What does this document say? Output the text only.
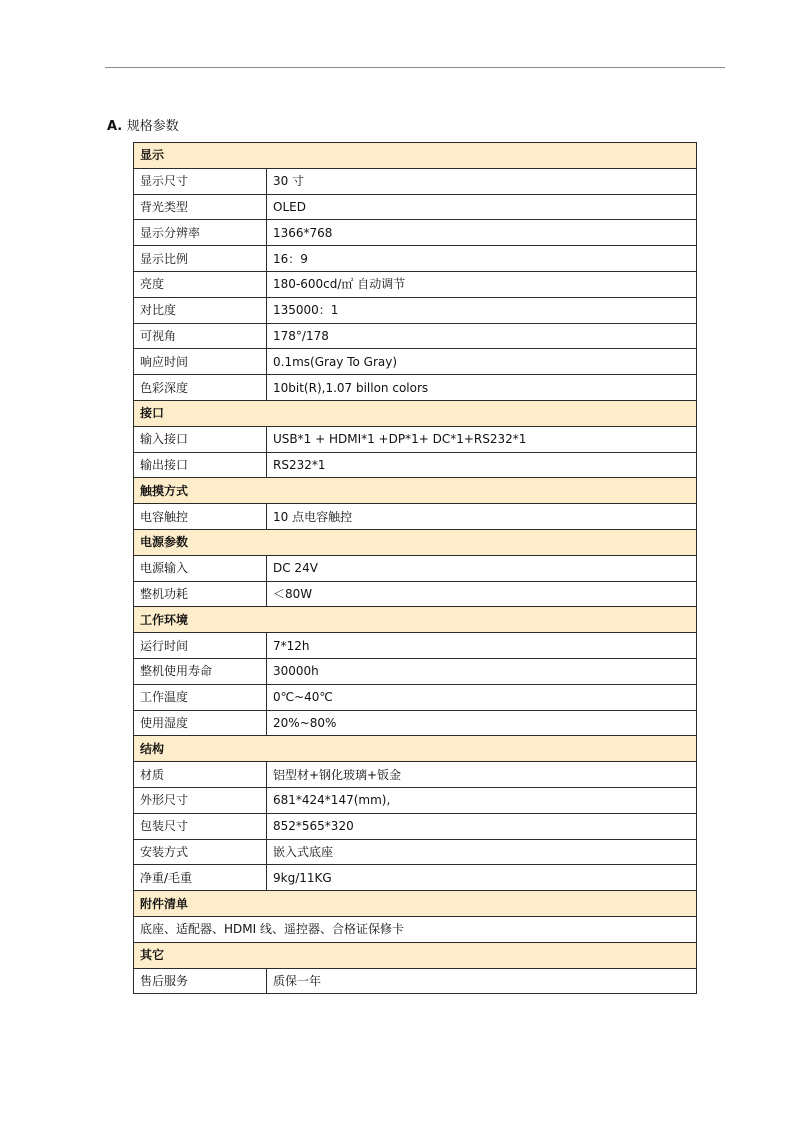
A. 规格参数
显示	
显示尺寸	30 寸
背光类型	OLED
显示分辨率	1366*768
显示比例	16：9
亮度	180-600cd/㎡ 自动调节
对比度	135000：1
可视角	178°/178
响应时间	0.1ms(Gray To Gray)
色彩深度	10bit(R),1.07 billon colors
接口	
输入接口	USB*1 + HDMI*1 +DP*1+ DC*1+RS232*1
输出接口	RS232*1
触摸方式	
电容触控	10 点电容触控
电源参数	
电源输入	DC 24V
整机功耗	＜80W
工作环境	
运行时间	7*12h
整机使用寿命	30000h
工作温度	0℃~40℃
使用湿度	20%~80%
结构	
材质	铝型材+钢化玻璃+钣金
外形尺寸	681*424*147(mm),
包装尺寸	852*565*320
安装方式	嵌入式底座
净重/毛重	9kg/11KG
附件清单	
底座、适配器、HDMI 线、遥控器、合格证保修卡	
其它	
售后服务	质保一年
